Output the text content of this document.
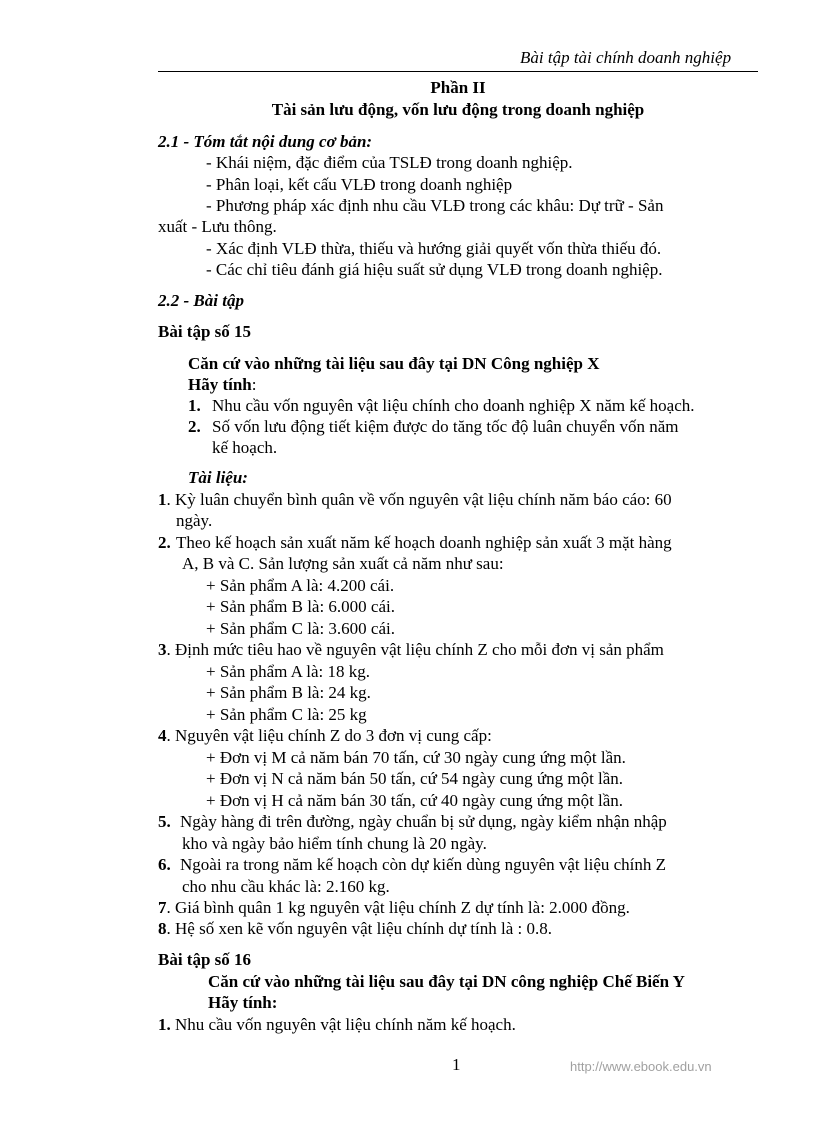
Bài tập tài chính doanh nghiệp
Phần II
Tài sản lưu động, vốn lưu động trong doanh nghiệp
2.1 - Tóm tắt nội dung cơ bản:
- Khái niệm, đặc điểm của TSLĐ trong doanh nghiệp.
- Phân loại, kết cấu VLĐ trong doanh nghiệp
- Phương pháp xác định nhu cầu VLĐ trong các khâu: Dự trữ - Sản
xuất - Lưu thông.
- Xác định VLĐ thừa, thiếu và hướng giải quyết vốn thừa thiếu đó.
- Các chỉ tiêu đánh giá hiệu suất sử dụng VLĐ trong doanh nghiệp.
2.2 - Bài tập
Bài tập số 15
Căn cứ vào những tài liệu sau đây tại DN Công nghiệp X
Hãy tính:
1. Nhu cầu vốn nguyên vật liệu chính cho doanh nghiệp X năm kế hoạch.
2. Số vốn lưu động tiết kiệm được do tăng tốc độ luân chuyển vốn năm
kế hoạch.
Tài liệu:
1. Kỳ luân chuyển bình quân về vốn nguyên vật liệu chính năm báo cáo: 60
ngày.
2. Theo kế hoạch sản xuất năm kế hoạch doanh nghiệp sản xuất 3 mặt hàng
A, B và C. Sản lượng sản xuất cả năm như sau:
+ Sản phẩm A là: 4.200 cái.
+ Sản phẩm B là: 6.000 cái.
+ Sản phẩm C là: 3.600 cái.
3. Định mức tiêu hao về nguyên vật liệu chính Z cho mỗi đơn vị sản phẩm
+ Sản phẩm A là: 18 kg.
+ Sản phẩm B là: 24 kg.
+ Sản phẩm C là: 25 kg
4. Nguyên vật liệu chính Z do 3 đơn vị cung cấp:
+ Đơn vị M cả năm bán 70 tấn, cứ 30 ngày cung ứng một lần.
+ Đơn vị N cả năm bán 50 tấn, cứ 54 ngày cung ứng một lần.
+ Đơn vị H cả năm bán 30 tấn, cứ 40 ngày cung ứng một lần.
5. Ngày hàng đi trên đường, ngày chuẩn bị sử dụng, ngày kiểm nhận nhập
kho và ngày bảo hiểm tính chung là 20 ngày.
6. Ngoài ra trong năm kế hoạch còn dự kiến dùng nguyên vật liệu chính Z
cho nhu cầu khác là: 2.160 kg.
7. Giá bình quân 1 kg nguyên vật liệu chính Z dự tính là: 2.000 đồng.
8. Hệ số xen kẽ vốn nguyên vật liệu chính dự tính là : 0.8.
Bài tập số 16
Căn cứ vào những tài liệu sau đây tại DN công nghiệp Chế Biến Y
Hãy tính:
1. Nhu cầu vốn nguyên vật liệu chính năm kế hoạch.
1	http://www.ebook.edu.vn
